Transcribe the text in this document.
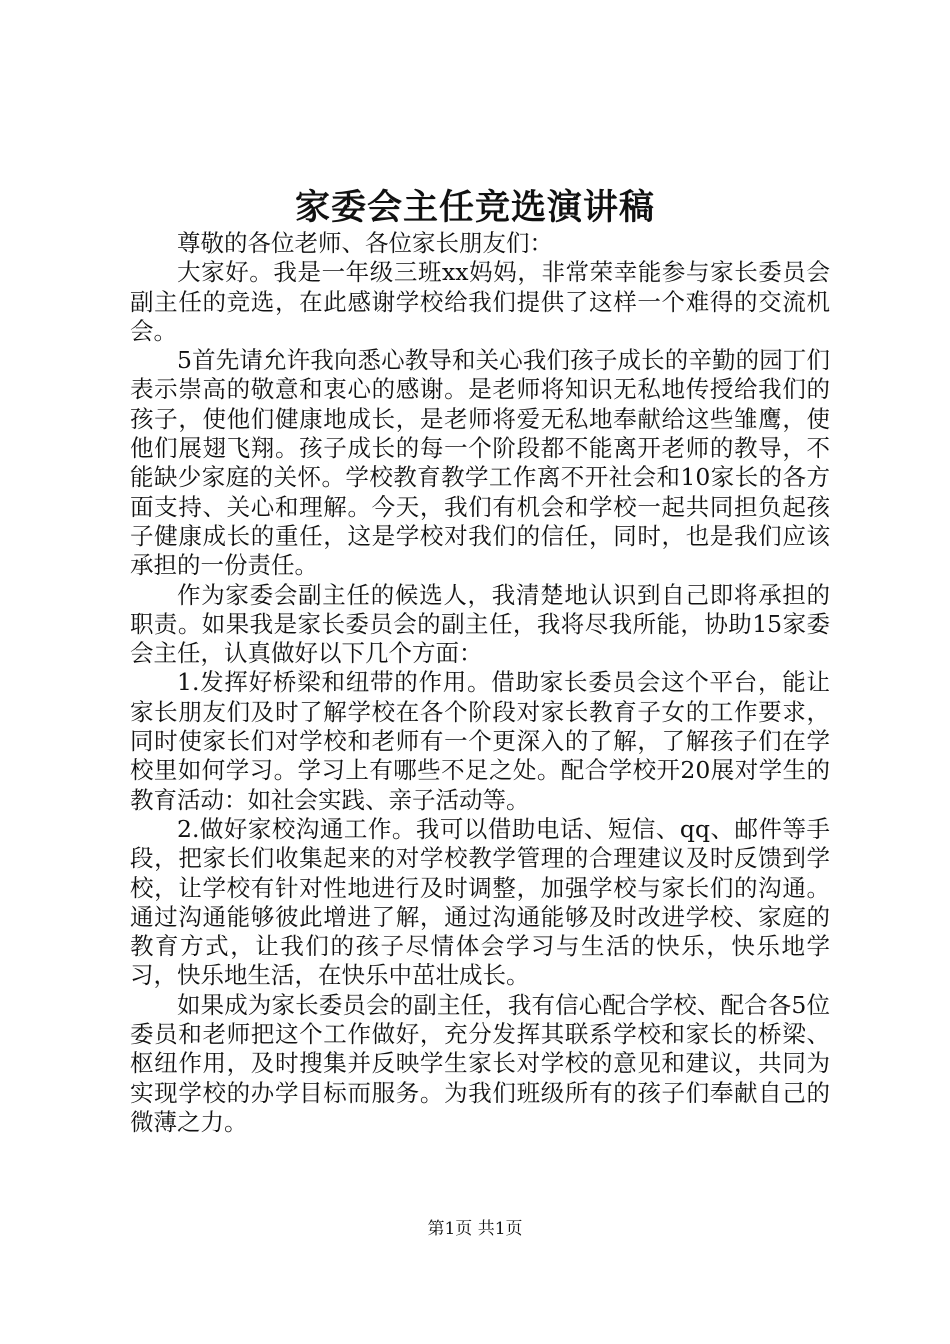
家委会主任竞选演讲稿

尊敬的各位老师、各位家长朋友们：

大家好。我是一年级三班xx妈妈，非常荣幸能参与家长委员会副主任的竞选，在此感谢学校给我们提供了这样一个难得的交流机会。

5首先请允许我向悉心教导和关心我们孩子成长的辛勤的园丁们表示崇高的敬意和衷心的感谢。是老师将知识无私地传授给我们的孩子，使他们健康地成长，是老师将爱无私地奉献给这些雏鹰，使他们展翅飞翔。孩子成长的每一个阶段都不能离开老师的教导，不能缺少家庭的关怀。学校教育教学工作离不开社会和10家长的各方面支持、关心和理解。今天，我们有机会和学校一起共同担负起孩子健康成长的重任，这是学校对我们的信任，同时，也是我们应该承担的一份责任。

作为家委会副主任的候选人，我清楚地认识到自己即将承担的职责。如果我是家长委员会的副主任，我将尽我所能，协助15家委会主任，认真做好以下几个方面：

1.发挥好桥梁和纽带的作用。借助家长委员会这个平台，能让家长朋友们及时了解学校在各个阶段对家长教育子女的工作要求，同时使家长们对学校和老师有一个更深入的了解，了解孩子们在学校里如何学习。学习上有哪些不足之处。配合学校开20展对学生的教育活动：如社会实践、亲子活动等。

2.做好家校沟通工作。我可以借助电话、短信、qq、邮件等手段，把家长们收集起来的对学校教学管理的合理建议及时反馈到学校，让学校有针对性地进行及时调整，加强学校与家长们的沟通。通过沟通能够彼此增进了解，通过沟通能够及时改进学校、家庭的教育方式，让我们的孩子尽情体会学习与生活的快乐，快乐地学习，快乐地生活，在快乐中茁壮成长。

如果成为家长委员会的副主任，我有信心配合学校、配合各5位委员和老师把这个工作做好，充分发挥其联系学校和家长的桥梁、枢纽作用，及时搜集并反映学生家长对学校的意见和建议，共同为实现学校的办学目标而服务。为我们班级所有的孩子们奉献自己的微薄之力。

第1页 共1页
